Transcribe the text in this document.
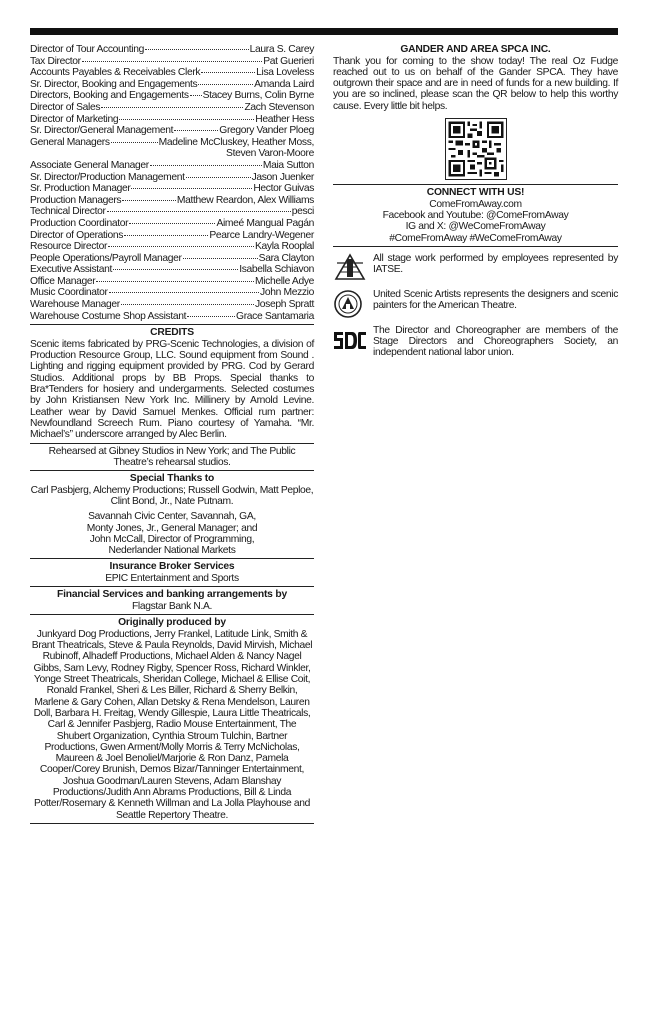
Director of Tour Accounting	Laura S. Carey
Tax Director	Pat Guerieri
Accounts Payables & Receivables Clerk	Lisa Loveless
Sr. Director, Booking and Engagements	Amanda Laird
Directors, Booking and Engagements Stacey Burns, Colin Byrne
Director of Sales	Zach Stevenson
Director of Marketing	Heather Hess
Sr. Director/General Management	Gregory Vander Ploeg
General Managers	Madeline McCluskey, Heather Moss,
Steven Varon-Moore
Associate General Manager	Maia Sutton
Sr. Director/Production Management	Jason Juenker
Sr. Production Manager	Hector Guivas
Production Managers	Matthew Reardon, Alex Williams
Technical Director	pesci
Production Coordinator	Aimeé Mangual Pagán
Director of Operations	Pearce Landry-Wegener
Resource Director	Kayla Rooplal
People Operations/Payroll Manager	Sara Clayton
Executive Assistant	Isabella Schiavon
Office Manager	Michelle Adye
Music Coordinator	John Mezzio
Warehouse Manager	Joseph Spratt
Warehouse Costume Shop Assistant	Grace Santamaria
CREDITS
Scenic items fabricated by PRG-Scenic Technologies, a division of Production Resource Group, LLC. Sound equipment from Sound . Lighting and rigging equipment provided by PRG. Cod by Gerard Studios. Additional props by BB Props. Special thanks to Bra*Tenders for hosiery and undergarments. Selected costumes by John Kristiansen New York Inc. Millinery by Arnold Levine. Leather wear by David Samuel Menkes. Official rum partner: Newfoundland Screech Rum. Piano courtesy of Yamaha. “Mr. Michael’s” underscore arranged by Alec Berlin.
Rehearsed at Gibney Studios in New York; and The Public Theatre’s rehearsal studios.
Special Thanks to
Carl Pasbjerg, Alchemy Productions; Russell Godwin, Matt Peploe, Clint Bond, Jr., Nate Putnam.
Savannah Civic Center, Savannah, GA, Monty Jones, Jr., General Manager; and John McCall, Director of Programming, Nederlander National Markets
Insurance Broker Services
EPIC Entertainment and Sports
Financial Services and banking arrangements by
Flagstar Bank N.A.
Originally produced by
Junkyard Dog Productions, Jerry Frankel, Latitude Link, Smith & Brant Theatricals, Steve & Paula Reynolds, David Mirvish, Michael Rubinoff, Alhadeff Productions, Michael Alden & Nancy Nagel Gibbs, Sam Levy, Rodney Rigby, Spencer Ross, Richard Winkler, Yonge Street Theatricals, Sheridan College, Michael & Ellise Coit, Ronald Frankel, Sheri & Les Biller, Richard & Sherry Belkin, Marlene & Gary Cohen, Allan Detsky & Rena Mendelson, Lauren Doll, Barbara H. Freitag, Wendy Gillespie, Laura Little Theatricals, Carl & Jennifer Pasbjerg, Radio Mouse Entertainment, The Shubert Organization, Cynthia Stroum Tulchin, Bartner Productions, Gwen Arment/Molly Morris & Terry McNicholas, Maureen & Joel Benoliel/Marjorie & Ron Danz, Pamela Cooper/Corey Brunish, Demos Bizar/Tanninger Entertainment, Joshua Goodman/Lauren Stevens, Adam Blanshay Productions/Judith Ann Abrams Productions, Bill & Linda Potter/Rosemary & Kenneth Willman and La Jolla Playhouse and Seattle Repertory Theatre.
GANDER AND AREA SPCA INC.
Thank you for coming to the show today! The real Oz Fudge reached out to us on behalf of the Gander SPCA. They have outgrown their space and are in need of funds for a new building. If you are so inclined, please scan the QR below to help this worthy cause. Every little bit helps.
CONNECT WITH US!
ComeFromAway.com
Facebook and Youtube: @ComeFromAway
IG and X: @WeComeFromAway
#ComeFromAway #WeComeFromAway
All stage work performed by employees represented by IATSE.
United Scenic Artists represents the designers and scenic painters for the American Theatre.
The Director and Choreographer are members of the Stage Directors and Choreographers Society, an independent national labor union.
